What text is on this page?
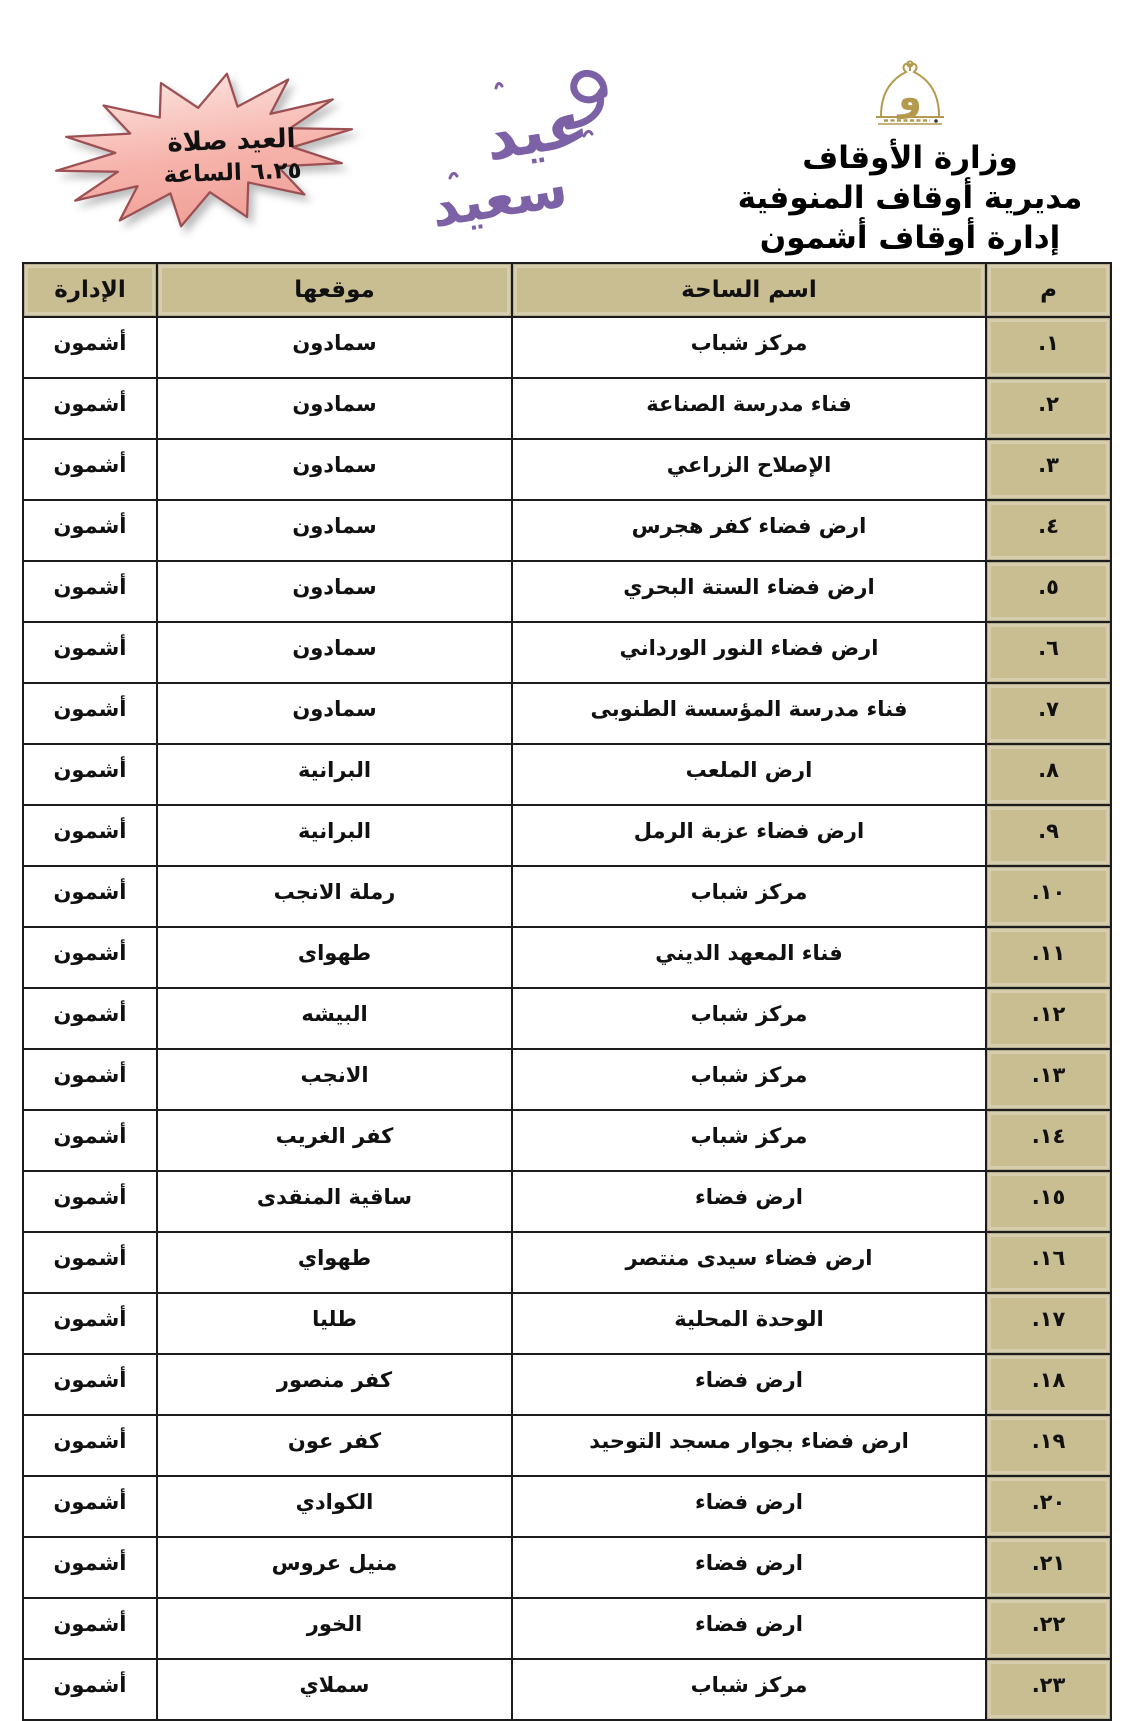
صلاة العيد
الساعة ٦.٢٥	عيد
سعيد
و
وزارة الأوقاف
مديرية أوقاف المنوفية
إدارة أوقاف أشمون
م	اسم الساحة	موقعها	الإدارة
١.	مركز شباب	سمادون	أشمون
٢.	فناء مدرسة الصناعة	سمادون	أشمون
٣.	الإصلاح الزراعي	سمادون	أشمون
٤.	ارض فضاء كفر هجرس	سمادون	أشمون
٥.	ارض فضاء الستة البحري	سمادون	أشمون
٦.	ارض فضاء النور الورداني	سمادون	أشمون
٧.	فناء مدرسة المؤسسة الطنوبى	سمادون	أشمون
٨.	ارض الملعب	البرانية	أشمون
٩.	ارض فضاء عزبة الرمل	البرانية	أشمون
١٠.	مركز شباب	رملة الانجب	أشمون
١١.	فناء المعهد الديني	طهواى	أشمون
١٢.	مركز شباب	البيشه	أشمون
١٣.	مركز شباب	الانجب	أشمون
١٤.	مركز شباب	كفر الغريب	أشمون
١٥.	ارض فضاء	ساقية المنقدى	أشمون
١٦.	ارض فضاء سيدى منتصر	طهواي	أشمون
١٧.	الوحدة المحلية	طليا	أشمون
١٨.	ارض فضاء	كفر منصور	أشمون
١٩.	ارض فضاء بجوار مسجد التوحيد	كفر عون	أشمون
٢٠.	ارض فضاء	الكوادي	أشمون
٢١.	ارض فضاء	منيل عروس	أشمون
٢٢.	ارض فضاء	الخور	أشمون
٢٣.	مركز شباب	سملاي	أشمون
